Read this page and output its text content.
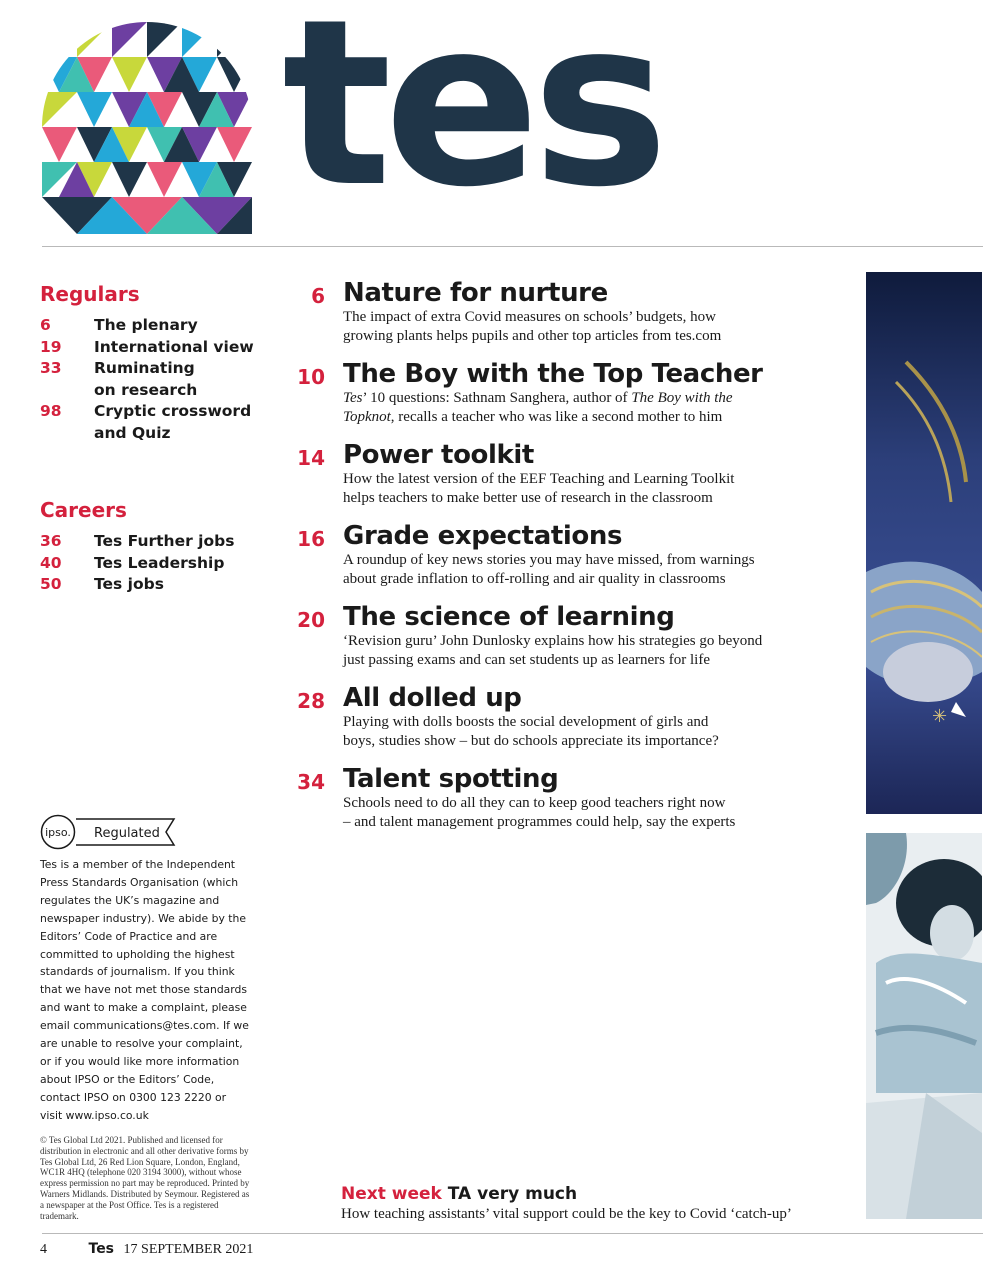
tes
Regulars
6	The plenary
19	International view
33	Ruminating
on research
98	Cryptic crossword
and Quiz
Careers
36	Tes Further jobs
40	Tes Leadership
50	Tes jobs
ipso. Regulated

Tes is a member of the Independent Press Standards Organisation (which regulates the UK’s magazine and newspaper industry). We abide by the Editors’ Code of Practice and are committed to upholding the highest standards of journalism. If you think that we have not met those standards and want to make a complaint, please email communications@tes.com. If we are unable to resolve your complaint, or if you would like more information about IPSO or the Editors’ Code, contact IPSO on 0300 123 2220 or visit www.ipso.co.uk

© Tes Global Ltd 2021. Published and licensed for distribution in electronic and all other derivative forms by Tes Global Ltd, 26 Red Lion Square, London, England, WC1R 4HQ (telephone 020 3194 3000), without whose express permission no part may be reproduced. Printed by Warners Midlands. Distributed by Seymour. Registered as a newspaper at the Post Office. Tes is a registered trademark.

6 Nature for nurture

The impact of extra Covid measures on schools’ budgets, how
growing plants helps pupils and other top articles from tes.com

10 The Boy with the Top Teacher

Tes’ 10 questions: Sathnam Sanghera, author of The Boy with the
Topknot, recalls a teacher who was like a second mother to him

14 Power toolkit

How the latest version of the EEF Teaching and Learning Toolkit
helps teachers to make better use of research in the classroom

16 Grade expectations

A roundup of key news stories you may have missed, from warnings
about grade inflation to off-rolling and air quality in classrooms

20 The science of learning

‘Revision guru’ John Dunlosky explains how his strategies go beyond
just passing exams and can set students up as learners for life

28 All dolled up

Playing with dolls boosts the social development of girls and
boys, studies show – but do schools appreciate its importance?

34 Talent spotting

Schools need to do all they can to keep good teachers right now
– and talent management programmes could help, say the experts

✳
Next week TA very much
How teaching assistants’ vital support could be the key to Covid ‘catch-up’
4	Tes 17 SEPTEMBER 2021
